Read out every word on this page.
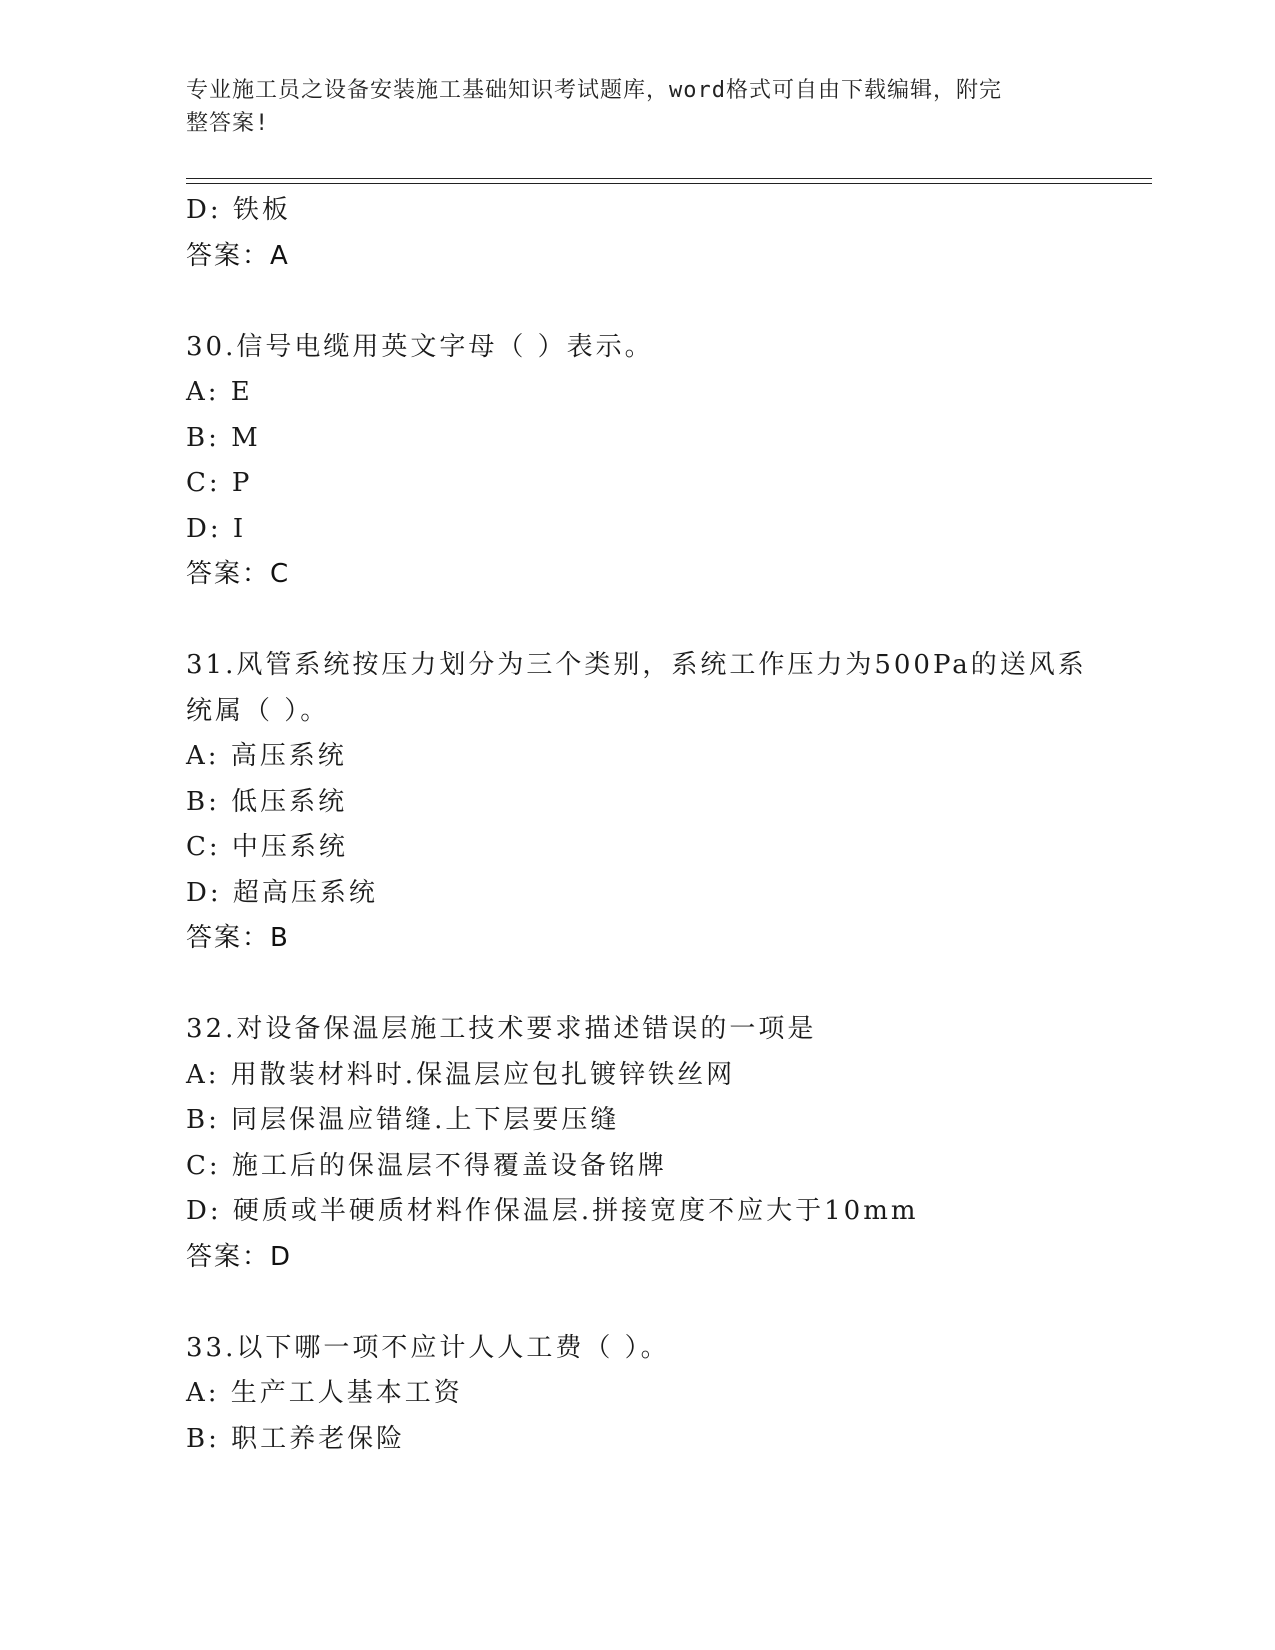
专业施工员之设备安装施工基础知识考试题库，word格式可自由下载编辑，附完
整答案!
D: 铁板
答案：A
30.信号电缆用英文字母（ ）表示。
A: E
B: M
C: P
D: I
答案：C
31.风管系统按压力划分为三个类别，系统工作压力为500Pa的送风系
统属（ ）。
A: 高压系统
B: 低压系统
C: 中压系统
D: 超高压系统
答案：B
32.对设备保温层施工技术要求描述错误的一项是
A: 用散装材料时.保温层应包扎镀锌铁丝网
B: 同层保温应错缝.上下层要压缝
C: 施工后的保温层不得覆盖设备铭牌
D: 硬质或半硬质材料作保温层.拼接宽度不应大于10mm
答案：D
33.以下哪一项不应计人人工费（ ）。
A: 生产工人基本工资
B: 职工养老保险
